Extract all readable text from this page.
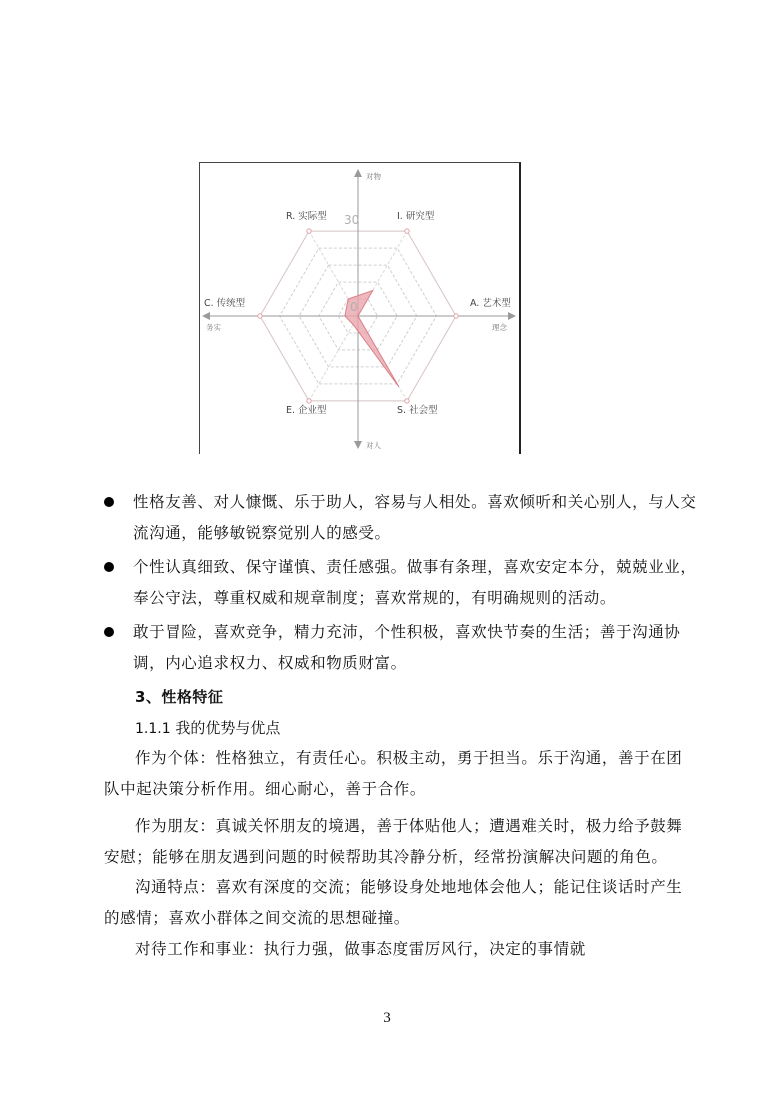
对物
对人
务实	理念
30
0
R. 实际型	I. 研究型
A. 艺术型
S. 社会型
E. 企业型
C. 传统型
性格友善、对人慷慨、乐于助人，容易与人相处。喜欢倾听和关心别人，与人交流沟通，能够敏锐察觉别人的感受。
个性认真细致、保守谨慎、责任感强。做事有条理，喜欢安定本分，兢兢业业，奉公守法，尊重权威和规章制度；喜欢常规的，有明确规则的活动。
敢于冒险，喜欢竞争，精力充沛，个性积极，喜欢快节奏的生活；善于沟通协调，内心追求权力、权威和物质财富。
3、性格特征
1.1.1 我的优势与优点
作为个体：性格独立，有责任心。积极主动，勇于担当。乐于沟通，善于在团队中起决策分析作用。细心耐心，善于合作。
作为朋友：真诚关怀朋友的境遇，善于体贴他人；遭遇难关时，极力给予鼓舞安慰；能够在朋友遇到问题的时候帮助其冷静分析，经常扮演解决问题的角色。
沟通特点：喜欢有深度的交流；能够设身处地地体会他人；能记住谈话时产生的感情；喜欢小群体之间交流的思想碰撞。
对待工作和事业：执行力强，做事态度雷厉风行，决定的事情就
3
